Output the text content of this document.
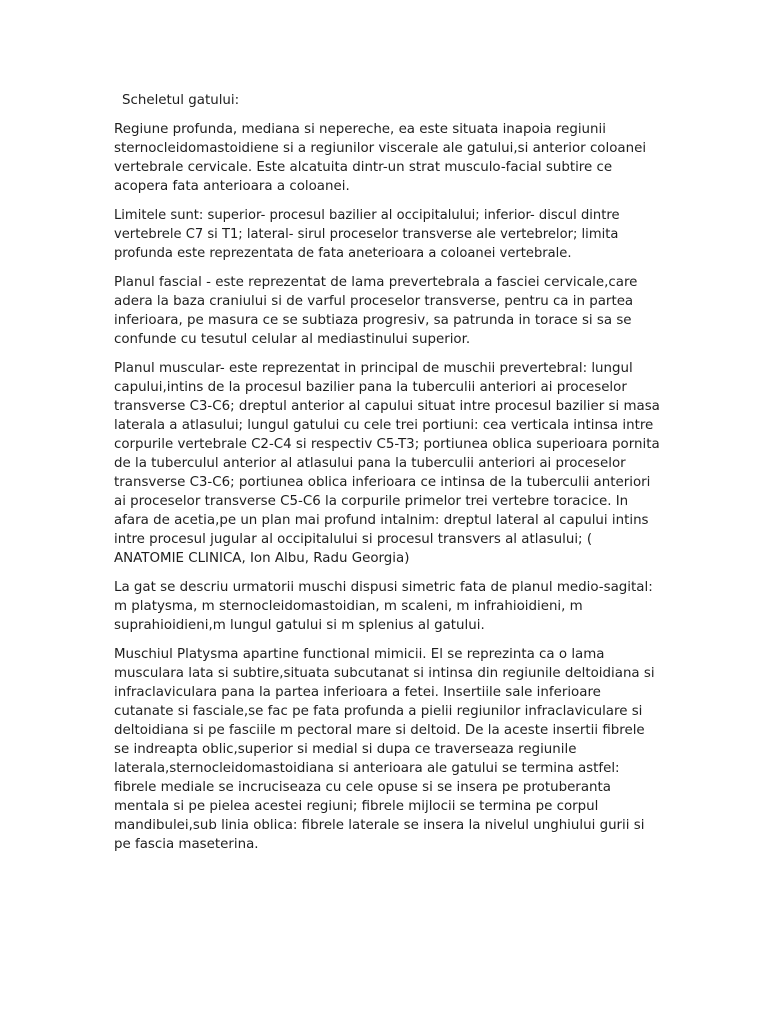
Scheletul gatului:

Regiune profunda, mediana si nepereche, ea este situata inapoia regiunii sternocleidomastoidiene si a regiunilor viscerale ale gatului,si anterior coloanei vertebrale cervicale. Este alcatuita dintr-un strat musculo-facial subtire ce acopera fata anterioara a coloanei.

Limitele sunt: superior- procesul bazilier al occipitalului; inferior- discul dintre vertebrele C7 si T1; lateral- sirul proceselor transverse ale vertebrelor; limita profunda este reprezentata de fata aneterioara a coloanei vertebrale.

Planul fascial - este reprezentat de lama prevertebrala a fasciei cervicale,care adera la baza craniului si de varful proceselor transverse, pentru ca in partea inferioara, pe masura ce se subtiaza progresiv, sa patrunda in torace si sa se confunde cu tesutul celular al mediastinului superior.

Planul muscular- este reprezentat in principal de muschii prevertebral: lungul capului,intins de la procesul bazilier pana la tuberculii anteriori ai proceselor transverse C3-C6; dreptul anterior al capului situat intre procesul bazilier si masa laterala a atlasului; lungul gatului cu cele trei portiuni: cea verticala intinsa intre corpurile vertebrale C2-C4 si respectiv C5-T3; portiunea oblica superioara pornita de la tuberculul anterior al atlasului pana la tuberculii anteriori ai proceselor transverse C3-C6; portiunea oblica inferioara ce intinsa de la tuberculii anteriori ai proceselor transverse C5-C6 la corpurile primelor trei vertebre toracice. In afara de acetia,pe un plan mai profund intalnim: dreptul lateral al capului intins intre procesul jugular al occipitalului si procesul transvers al atlasului; ( ANATOMIE CLINICA, Ion Albu, Radu Georgia)

La gat se descriu urmatorii muschi dispusi simetric fata de planul medio-sagital: m platysma, m sternocleidomastoidian, m scaleni, m infrahioidieni, m suprahioidieni,m lungul gatului si m splenius al gatului.

Muschiul Platysma apartine functional mimicii. El se reprezinta ca o lama musculara lata si subtire,situata subcutanat si intinsa din regiunile deltoidiana si infraclaviculara pana la partea inferioara a fetei. Insertiile sale inferioare cutanate si fasciale,se fac pe fata profunda a pielii regiunilor infraclaviculare si deltoidiana si pe fasciile m pectoral mare si deltoid. De la aceste insertii fibrele se indreapta oblic,superior si medial si dupa ce traverseaza regiunile laterala,sternocleidomastoidiana si anterioara ale gatului se termina astfel: fibrele mediale se incruciseaza cu cele opuse si se insera pe protuberanta mentala si pe pielea acestei regiuni; fibrele mijlocii se termina pe corpul mandibulei,sub linia oblica: fibrele laterale se insera la nivelul unghiului gurii si pe fascia maseterina.
